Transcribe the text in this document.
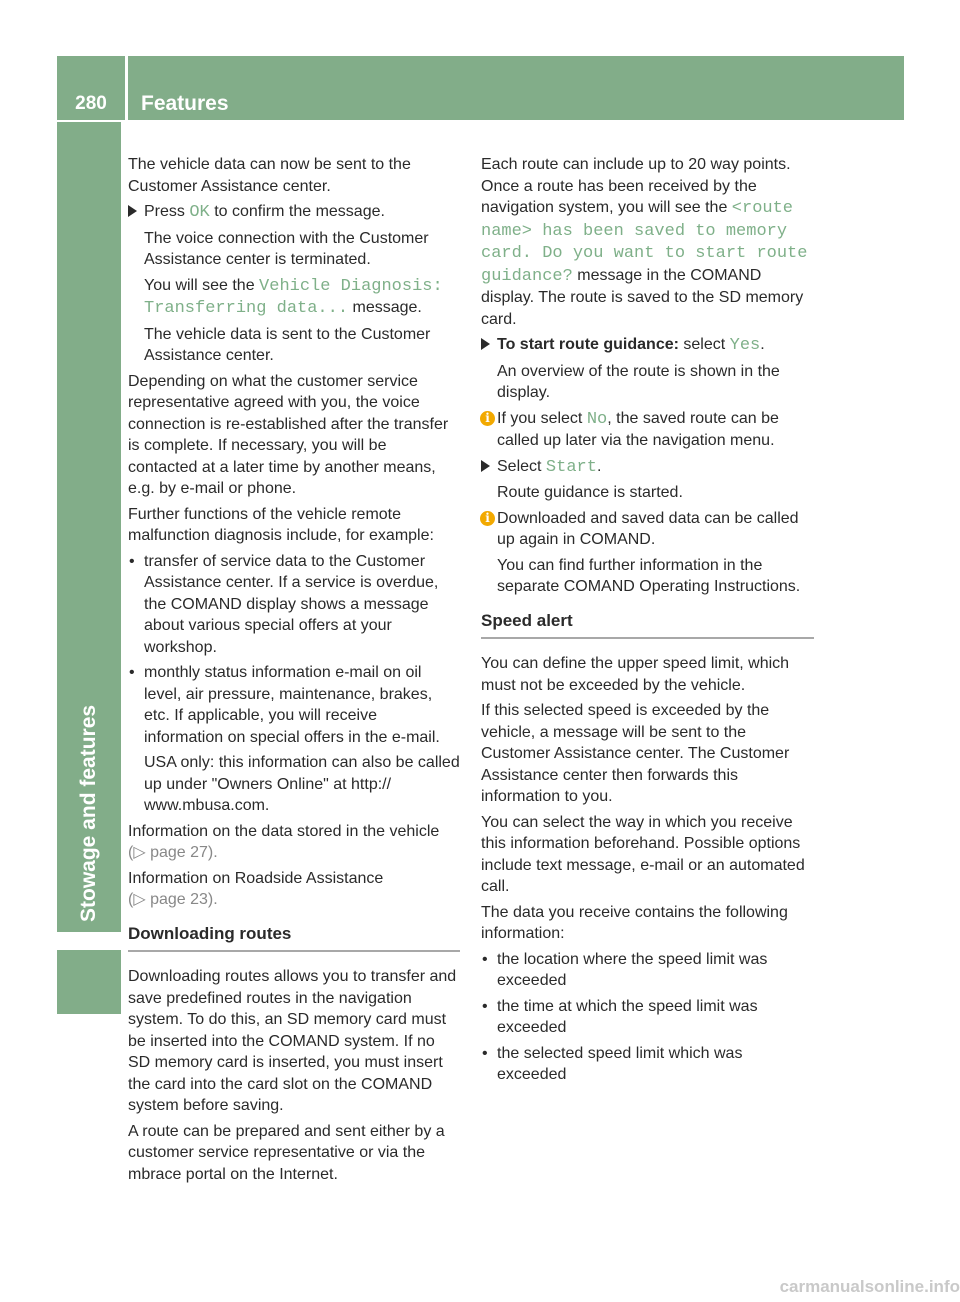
280	Features
Stowage and features

The vehicle data can now be sent to the Customer Assistance center.

Press OK to confirm the message.
The voice connection with the Customer Assistance center is terminated.
You will see the Vehicle Diagnosis: Transferring data... message.
The vehicle data is sent to the Customer Assistance center.

Depending on what the customer service representative agreed with you, the voice connection is re-established after the transfer is complete. If necessary, you will be contacted at a later time by another means, e.g. by e-mail or phone.

Further functions of the vehicle remote malfunction diagnosis include, for example:

• transfer of service data to the Customer Assistance center. If a service is overdue, the COMAND display shows a message about various special offers at your workshop.
• monthly status information e-mail on oil level, air pressure, maintenance, brakes, etc. If applicable, you will receive information on special offers in the e-mail.
USA only: this information can also be called up under "Owners Online" at http:// www.mbusa.com.

Information on the data stored in the vehicle
(▷ page 27).

Information on Roadside Assistance
(▷ page 23).

Downloading routes

Downloading routes allows you to transfer and save predefined routes in the navigation system. To do this, an SD memory card must be inserted into the COMAND system. If no SD memory card is inserted, you must insert the card into the card slot on the COMAND system before saving.

A route can be prepared and sent either by a customer service representative or via the mbrace portal on the Internet.

Each route can include up to 20 way points. Once a route has been received by the navigation system, you will see the <route name> has been saved to memory card. Do you want to start route guidance? message in the COMAND display. The route is saved to the SD memory card.

To start route guidance: select Yes.
An overview of the route is shown in the display.
i If you select No, the saved route can be called up later via the navigation menu.
Select Start.
Route guidance is started.
i Downloaded and saved data can be called up again in COMAND.
You can find further information in the separate COMAND Operating Instructions.
Speed alert

You can define the upper speed limit, which must not be exceeded by the vehicle.

If this selected speed is exceeded by the vehicle, a message will be sent to the Customer Assistance center. The Customer Assistance center then forwards this information to you.

You can select the way in which you receive this information beforehand. Possible options include text message, e-mail or an automated call.

The data you receive contains the following information:

• the location where the speed limit was exceeded
• the time at which the speed limit was exceeded
• the selected speed limit which was exceeded
carmanualsonline.info
